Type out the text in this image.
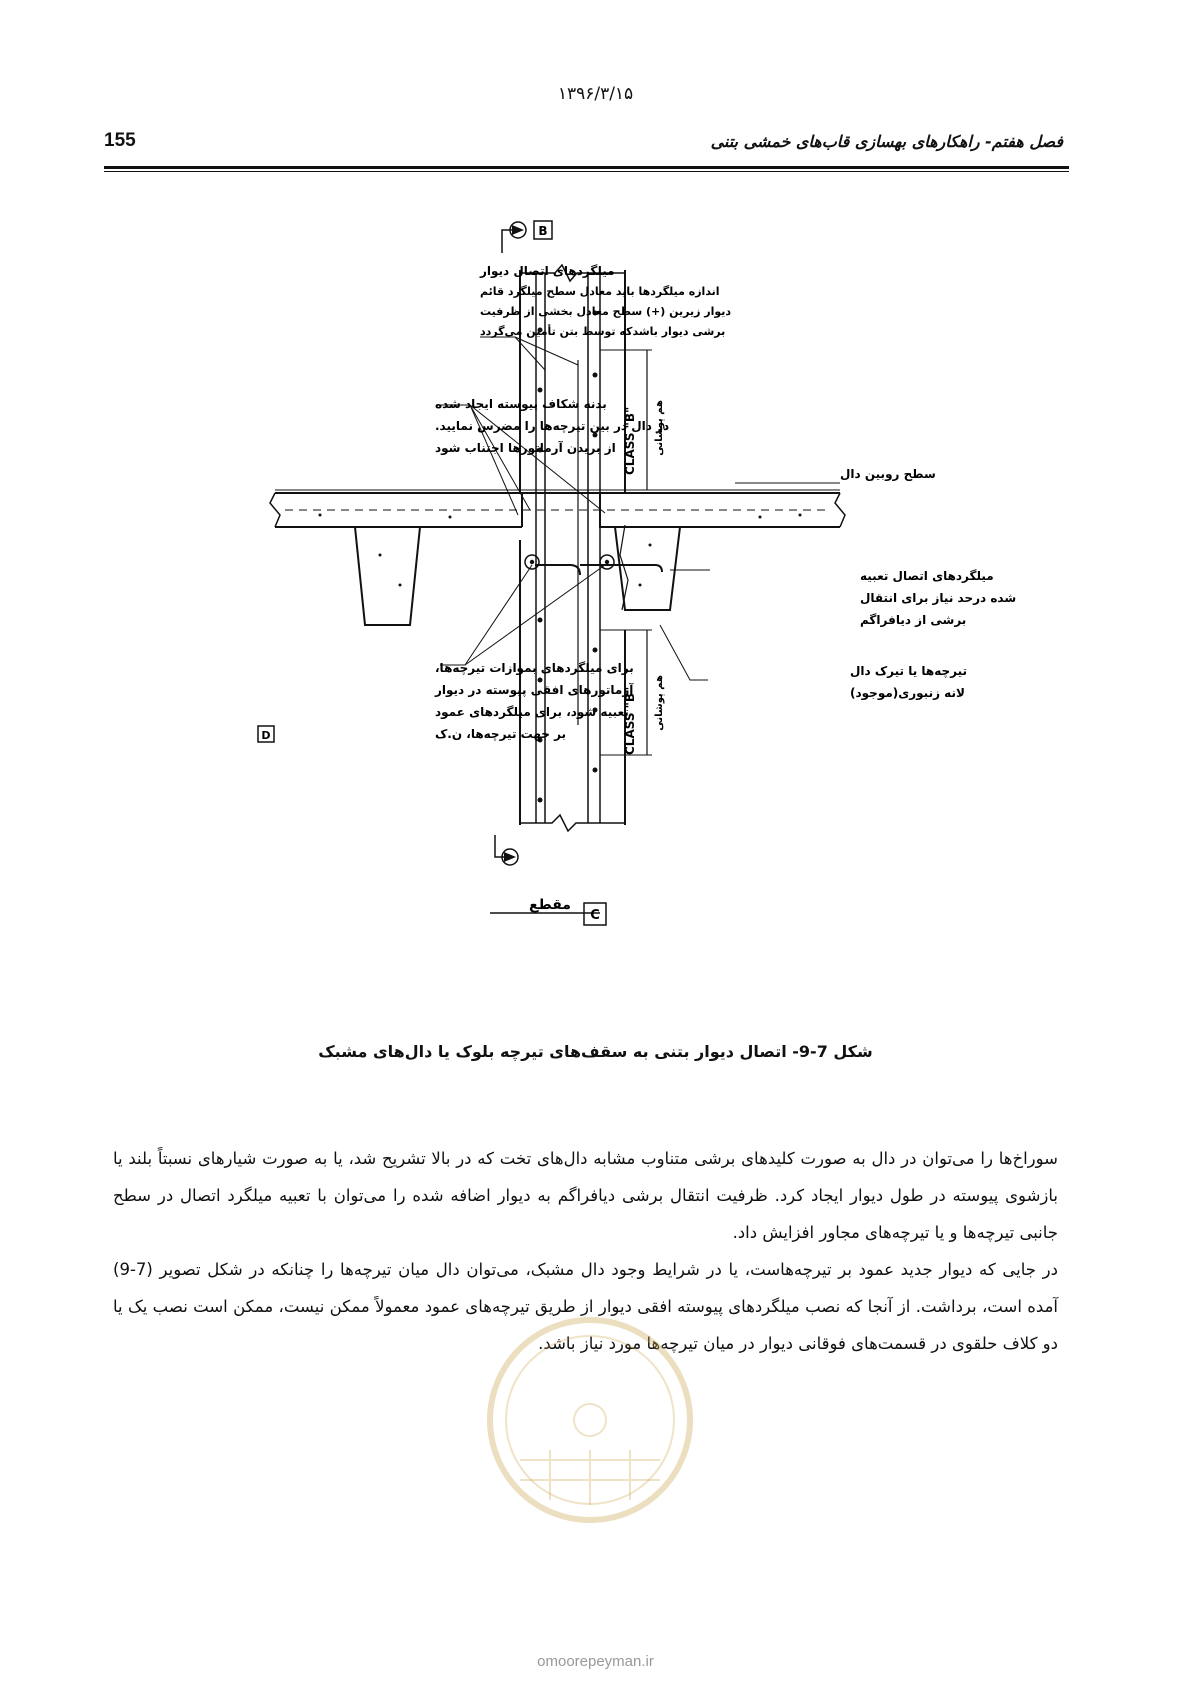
۱۳۹۶/۳/۱۵
155	فصل هفتم- راهکارهای بهسازی قاب‌های خمشی بتنی
B
C
مقطع
CLASS "B"
CLASS "B"
هم پوشانی
هم پوشانی
سطح روبین دال
میلگردهای اتصال دیوار
اندازه میلگردها باید معادل سطح میلگرد قائم
دیوار زیرین (+) سطح معادل بخشی از ظرفیت
برشی دیوار باشدکه توسط بتن تأمین می‌گردد
بدنه شکاف پیوسته ایجاد شده
در دال در بین تیرچه‌ها را مضرس نمایید.
از بریدن آرماتورها اجتناب شود
میلگردهای اتصال تعبیه
شده درحد نیاز برای انتقال
برشی از دیافراگم
برای میلگردهای بموازات تیرچه‌ها،
آرماتورهای افقی پیوسته در دیوار
تعبیه شود، برای میلگردهای عمود
بر جهت تیرچه‌ها، ن.ک
D
تیرچه‌ها یا تیرک دال
لانه زنبوری(موجود)
شکل 7-9- اتصال دیوار بتنی به سقف‌های تیرچه بلوک یا دال‌های مشبک

سوراخ‌ها را می‌توان در دال به صورت کلیدهای برشی متناوب مشابه دال‌های تخت که در بالا تشریح شد، یا به صورت شیارهای نسبتاً بلند یا بازشوی پیوسته در طول دیوار ایجاد کرد. ظرفیت انتقال برشی دیافراگم به دیوار اضافه شده را می‌توان با تعبیه میلگرد اتصال در سطح جانبی تیرچه‌ها و یا تیرچه‌های مجاور افزایش داد.

در جایی که دیوار جدید عمود بر تیرچه‌هاست، یا در شرایط وجود دال مشبک، می‌توان دال میان تیرچه‌ها را چنانکه در شکل تصویر (7-9) آمده است، برداشت. از آنجا که نصب میلگردهای پیوسته افقی دیوار از طریق تیرچه‌های عمود معمولاً ممکن نیست، ممکن است نصب یک یا دو کلاف حلقوی در قسمت‌های فوقانی دیوار در میان تیرچه‌ها مورد نیاز باشد.

omoorepeyman.ir
